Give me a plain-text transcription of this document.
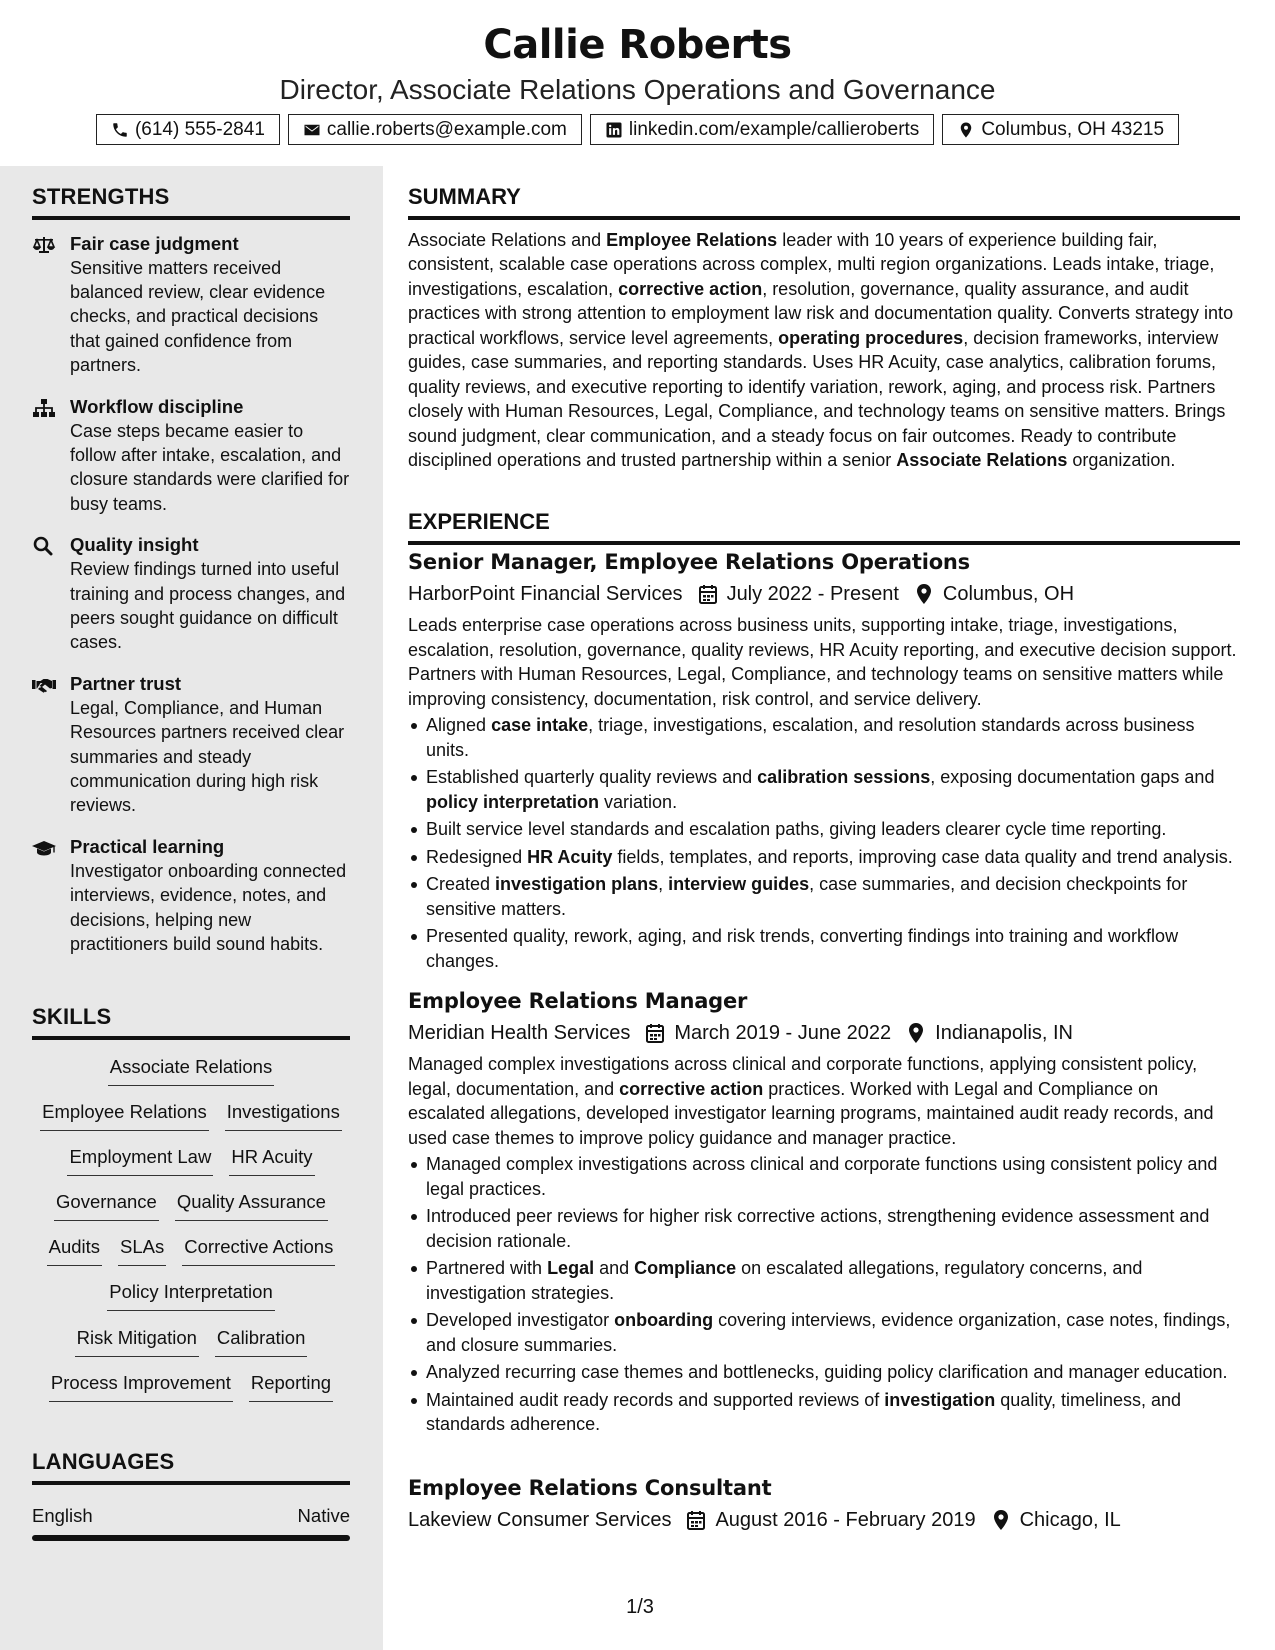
Callie Roberts
Director, Associate Relations Operations and Governance
(614) 555-2841	callie.roberts@example.com	linkedin.com/example/callieroberts	Columbus, OH 43215
STRENGTHS
Fair case judgment
Sensitive matters received balanced review, clear evidence checks, and practical decisions that gained confidence from partners.
Workflow discipline
Case steps became easier to follow after intake, escalation, and closure standards were clarified for busy teams.
Quality insight
Review findings turned into useful training and process changes, and peers sought guidance on difficult cases.
Partner trust
Legal, Compliance, and Human Resources partners received clear summaries and steady communication during high risk reviews.
Practical learning
Investigator onboarding connected interviews, evidence, notes, and decisions, helping new practitioners build sound habits.
SKILLS
Associate Relations
Employee Relations Investigations
Employment Law HR Acuity
Governance Quality Assurance
Audits SLAs Corrective Actions
Policy Interpretation
Risk Mitigation Calibration
Process Improvement Reporting
LANGUAGES
English	Native
SUMMARY
Associate Relations and Employee Relations leader with 10 years of experience building fair, consistent, scalable case operations across complex, multi region organizations. Leads intake, triage, investigations, escalation, corrective action, resolution, governance, quality assurance, and audit practices with strong attention to employment law risk and documentation quality. Converts strategy into practical workflows, service level agreements, operating procedures, decision frameworks, interview guides, case summaries, and reporting standards. Uses HR Acuity, case analytics, calibration forums, quality reviews, and executive reporting to identify variation, rework, aging, and process risk. Partners closely with Human Resources, Legal, Compliance, and technology teams on sensitive matters. Brings sound judgment, clear communication, and a steady focus on fair outcomes. Ready to contribute disciplined operations and trusted partnership within a senior Associate Relations organization.
EXPERIENCE
Senior Manager, Employee Relations Operations
HarborPoint Financial Services July 2022 - Present Columbus, OH
Leads enterprise case operations across business units, supporting intake, triage, investigations, escalation, resolution, governance, quality reviews, HR Acuity reporting, and executive decision support. Partners with Human Resources, Legal, Compliance, and technology teams on sensitive matters while improving consistency, documentation, risk control, and service delivery.
Aligned case intake, triage, investigations, escalation, and resolution standards across business units.
Established quarterly quality reviews and calibration sessions, exposing documentation gaps and policy interpretation variation.
Built service level standards and escalation paths, giving leaders clearer cycle time reporting.
Redesigned HR Acuity fields, templates, and reports, improving case data quality and trend analysis.
Created investigation plans, interview guides, case summaries, and decision checkpoints for sensitive matters.
Presented quality, rework, aging, and risk trends, converting findings into training and workflow changes.
Employee Relations Manager
Meridian Health Services March 2019 - June 2022 Indianapolis, IN
Managed complex investigations across clinical and corporate functions, applying consistent policy, legal, documentation, and corrective action practices. Worked with Legal and Compliance on escalated allegations, developed investigator learning programs, maintained audit ready records, and used case themes to improve policy guidance and manager practice.
Managed complex investigations across clinical and corporate functions using consistent policy and legal practices.
Introduced peer reviews for higher risk corrective actions, strengthening evidence assessment and decision rationale.
Partnered with Legal and Compliance on escalated allegations, regulatory concerns, and investigation strategies.
Developed investigator onboarding covering interviews, evidence organization, case notes, findings, and closure summaries.
Analyzed recurring case themes and bottlenecks, guiding policy clarification and manager education.
Maintained audit ready records and supported reviews of investigation quality, timeliness, and standards adherence.
Employee Relations Consultant
Lakeview Consumer Services August 2016 - February 2019 Chicago, IL
1/3
